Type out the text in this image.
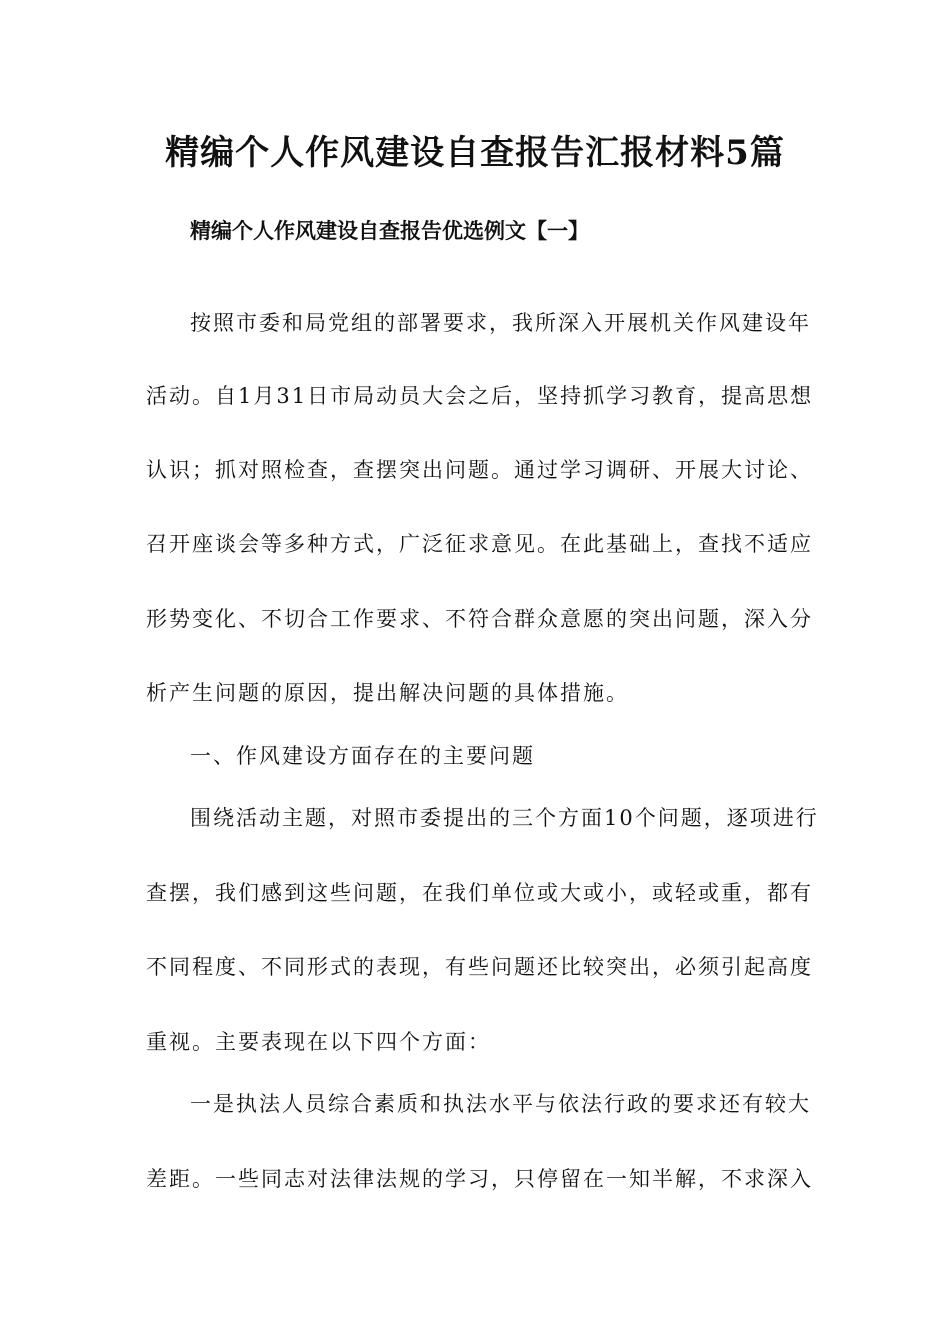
精编个人作风建设自查报告汇报材料5篇
精编个人作风建设自查报告优选例文【一】
按照市委和局党组的部署要求，我所深入开展机关作风建设年
活动。自1月31日市局动员大会之后，坚持抓学习教育，提高思想
认识；抓对照检查，查摆突出问题。通过学习调研、开展大讨论、
召开座谈会等多种方式，广泛征求意见。在此基础上，查找不适应
形势变化、不切合工作要求、不符合群众意愿的突出问题，深入分
析产生问题的原因，提出解决问题的具体措施。
一、作风建设方面存在的主要问题
围绕活动主题，对照市委提出的三个方面10个问题，逐项进行
查摆，我们感到这些问题，在我们单位或大或小，或轻或重，都有
不同程度、不同形式的表现，有些问题还比较突出，必须引起高度
重视。主要表现在以下四个方面：
一是执法人员综合素质和执法水平与依法行政的要求还有较大
差距。一些同志对法律法规的学习，只停留在一知半解，不求深入
